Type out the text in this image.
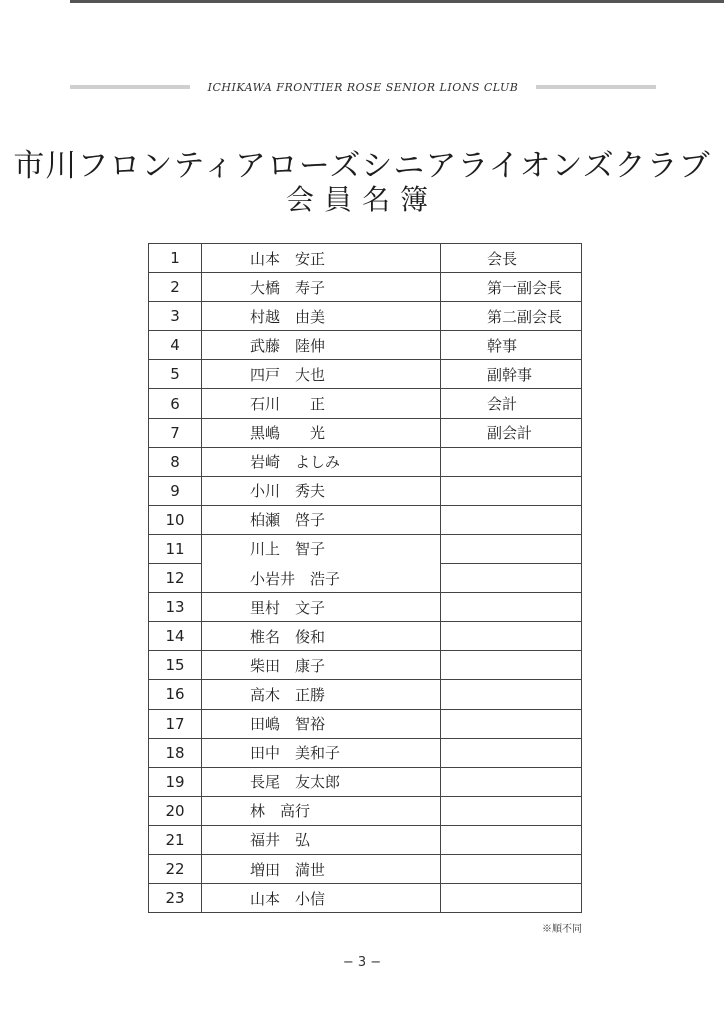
ICHIKAWA FRONTIER ROSE SENIOR LIONS CLUB
市川フロンティアローズシニアライオンズクラブ
会員名簿
1	山本　安正	会長
2	大橋　寿子	第一副会長
3	村越　由美	第二副会長
4	武藤　陸伸	幹事
5	四戸　大也	副幹事
6	石川　　正	会計
7	黒嶋　　光	副会計
8	岩崎　よしみ	
9	小川　秀夫	
10	柏瀬　啓子	
11	川上　智子	
12	小岩井　浩子	
13	里村　文子	
14	椎名　俊和	
15	柴田　康子	
16	高木　正勝	
17	田嶋　智裕	
18	田中　美和子	
19	長尾　友太郎	
20	林　高行	
21	福井　弘	
22	増田　満世	
23	山本　小信	
※順不同
− 3 −
